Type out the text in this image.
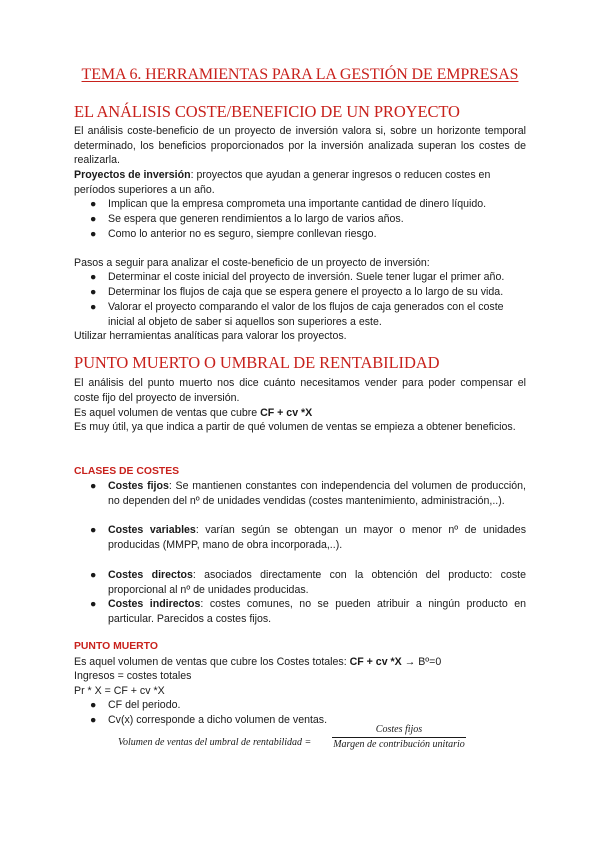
TEMA 6. HERRAMIENTAS PARA LA GESTIÓN DE EMPRESAS
EL ANÁLISIS COSTE/BENEFICIO DE UN PROYECTO
El análisis coste-beneficio de un proyecto de inversión valora si, sobre un horizonte temporal determinado, los beneficios proporcionados por la inversión analizada superan los costes de realizarla.
Proyectos de inversión: proyectos que ayudan a generar ingresos o reducen costes en períodos superiores a un año.
●	Implican que la empresa comprometa una importante cantidad de dinero líquido.
●	Se espera que generen rendimientos a lo largo de varios años.
●	Como lo anterior no es seguro, siempre conllevan riesgo.
Pasos a seguir para analizar el coste-beneficio de un proyecto de inversión:
●	Determinar el coste inicial del proyecto de inversión. Suele tener lugar el primer año.
●	Determinar los flujos de caja que se espera genere el proyecto a lo largo de su vida.
●	Valorar el proyecto comparando el valor de los flujos de caja generados con el coste inicial al objeto de saber si aquellos son superiores a este.
Utilizar herramientas analíticas para valorar los proyectos.
PUNTO MUERTO O UMBRAL DE RENTABILIDAD
El análisis del punto muerto nos dice cuánto necesitamos vender para poder compensar el coste fijo del proyecto de inversión.
Es aquel volumen de ventas que cubre CF + cv *X
Es muy útil, ya que indica a partir de qué volumen de ventas se empieza a obtener beneficios.
CLASES DE COSTES
●	Costes fijos: Se mantienen constantes con independencia del volumen de producción, no dependen del nº de unidades vendidas (costes mantenimiento, administración,..).
●	Costes variables: varían según se obtengan un mayor o menor nº de unidades producidas (MMPP, mano de obra incorporada,..).
●	Costes directos: asociados directamente con la obtención del producto: coste proporcional al nº de unidades producidas.
●	Costes indirectos: costes comunes, no se pueden atribuir a ningún producto en particular. Parecidos a costes fijos.
PUNTO MUERTO
Es aquel volumen de ventas que cubre los Costes totales: CF + cv *X → Bº=0
Ingresos = costes totales
Pr * X = CF + cv *X
●	CF del periodo.
●	Cv(x) corresponde a dicho volumen de ventas.
Volumen de ventas del umbral de rentabilidad =
Costes fijos
Margen de contribución unitario
